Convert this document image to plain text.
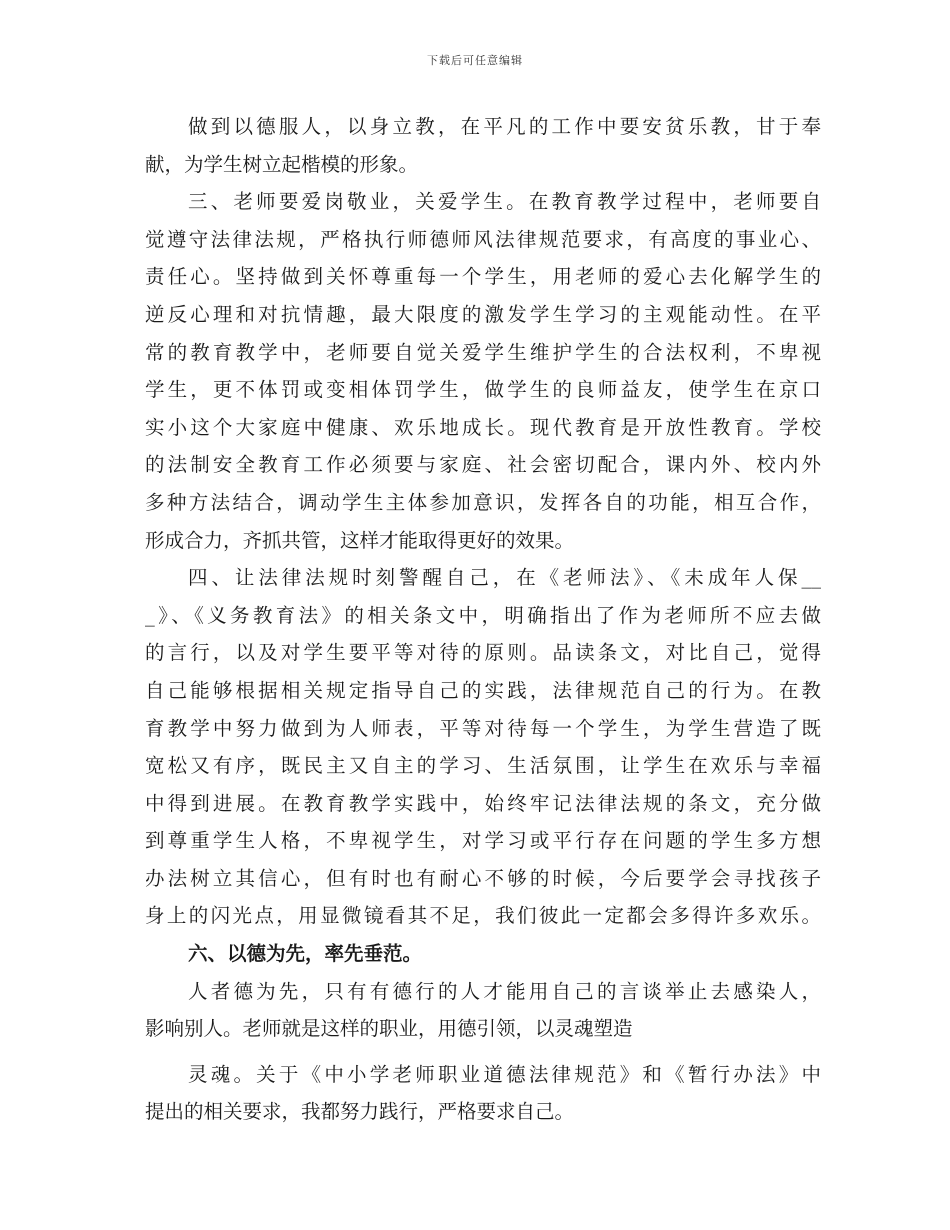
下载后可任意编辑
做到以德服人，以身立教，在平凡的工作中要安贫乐教，甘于奉
献，为学生树立起楷模的形象。
三、老师要爱岗敬业，关爱学生。在教育教学过程中，老师要自
觉遵守法律法规，严格执行师德师风法律规范要求，有高度的事业心、
责任心。坚持做到关怀尊重每一个学生，用老师的爱心去化解学生的
逆反心理和对抗情趣，最大限度的激发学生学习的主观能动性。在平
常的教育教学中，老师要自觉关爱学生维护学生的合法权利，不卑视
学生，更不体罚或变相体罚学生，做学生的良师益友，使学生在京口
实小这个大家庭中健康、欢乐地成长。现代教育是开放性教育。学校
的法制安全教育工作必须要与家庭、社会密切配合，课内外、校内外
多种方法结合，调动学生主体参加意识，发挥各自的功能，相互合作，
形成合力，齐抓共管，这样才能取得更好的效果。
四、让法律法规时刻警醒自己，在《老师法》、《未成年人保__
_》、《义务教育法》的相关条文中，明确指出了作为老师所不应去做
的言行，以及对学生要平等对待的原则。品读条文，对比自己，觉得
自己能够根据相关规定指导自己的实践，法律规范自己的行为。在教
育教学中努力做到为人师表，平等对待每一个学生，为学生营造了既
宽松又有序，既民主又自主的学习、生活氛围，让学生在欢乐与幸福
中得到进展。在教育教学实践中，始终牢记法律法规的条文，充分做
到尊重学生人格，不卑视学生，对学习或平行存在问题的学生多方想
办法树立其信心，但有时也有耐心不够的时候，今后要学会寻找孩子
身上的闪光点，用显微镜看其不足，我们彼此一定都会多得许多欢乐。
六、以德为先，率先垂范。
人者德为先，只有有德行的人才能用自己的言谈举止去感染人，
影响别人。老师就是这样的职业，用德引领，以灵魂塑造
灵魂。关于《中小学老师职业道德法律规范》和《暂行办法》中
提出的相关要求，我都努力践行，严格要求自己。
